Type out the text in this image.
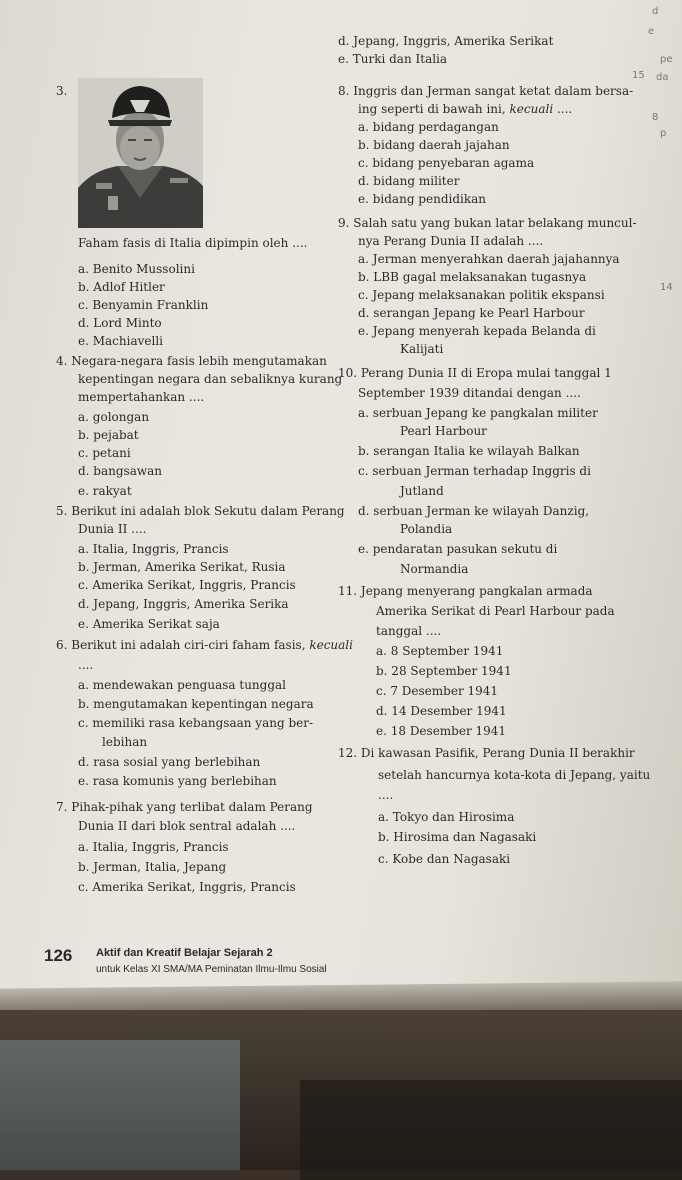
d. Jepang, Inggris, Amerika Serikat
e. Turki dan Italia
3.
Faham fasis di Italia dipimpin oleh ....
a. Benito Mussolini
b. Adlof Hitler
c. Benyamin Franklin
d. Lord Minto
e. Machiavelli
4. Negara-negara fasis lebih mengutamakan
kepentingan negara dan sebaliknya kurang
mempertahankan ....
a. golongan
b. pejabat
c. petani
d. bangsawan
e. rakyat
5. Berikut ini adalah blok Sekutu dalam Perang
Dunia II ....
a. Italia, Inggris, Prancis
b. Jerman, Amerika Serikat, Rusia
c. Amerika Serikat, Inggris, Prancis
d. Jepang, Inggris, Amerika Serika
e. Amerika Serikat saja
6. Berikut ini adalah ciri-ciri faham fasis, kecuali
....
a. mendewakan penguasa tunggal
b. mengutamakan kepentingan negara
c. memiliki rasa kebangsaan yang ber-
lebihan
d. rasa sosial yang berlebihan
e. rasa komunis yang berlebihan
7. Pihak-pihak yang terlibat dalam Perang
Dunia II dari blok sentral adalah ....
a. Italia, Inggris, Prancis
b. Jerman, Italia, Jepang
c. Amerika Serikat, Inggris, Prancis
8. Inggris dan Jerman sangat ketat dalam bersa-
ing seperti di bawah ini, kecuali ....
a. bidang perdagangan
b. bidang daerah jajahan
c. bidang penyebaran agama
d. bidang militer
e. bidang pendidikan
9. Salah satu yang bukan latar belakang muncul-
nya Perang Dunia II adalah ....
a. Jerman menyerahkan daerah jajahannya
b. LBB gagal melaksanakan tugasnya
c. Jepang melaksanakan politik ekspansi
d. serangan Jepang ke Pearl Harbour
e. Jepang menyerah kepada Belanda di
Kalijati
10. Perang Dunia II di Eropa mulai tanggal 1
September 1939 ditandai dengan ....
a. serbuan Jepang ke pangkalan militer
Pearl Harbour
b. serangan Italia ke wilayah Balkan
c. serbuan Jerman terhadap Inggris di
Jutland
d. serbuan Jerman ke wilayah Danzig,
Polandia
e. pendaratan pasukan sekutu di
Normandia
11. Jepang menyerang pangkalan armada
Amerika Serikat di Pearl Harbour pada
tanggal ....
a. 8 September 1941
b. 28 September 1941
c. 7 Desember 1941
d. 14 Desember 1941
e. 18 Desember 1941
12. Di kawasan Pasifik, Perang Dunia II berakhir
setelah hancurnya kota-kota di Jepang, yaitu
....
a. Tokyo dan Hirosima
b. Hirosima dan Nagasaki
c. Kobe dan Nagasaki
126 Aktif dan Kreatif Belajar Sejarah 2
untuk Kelas XI SMA/MA Peminatan Ilmu-Ilmu Sosial
d
e
pe
15 da
8
p
14
